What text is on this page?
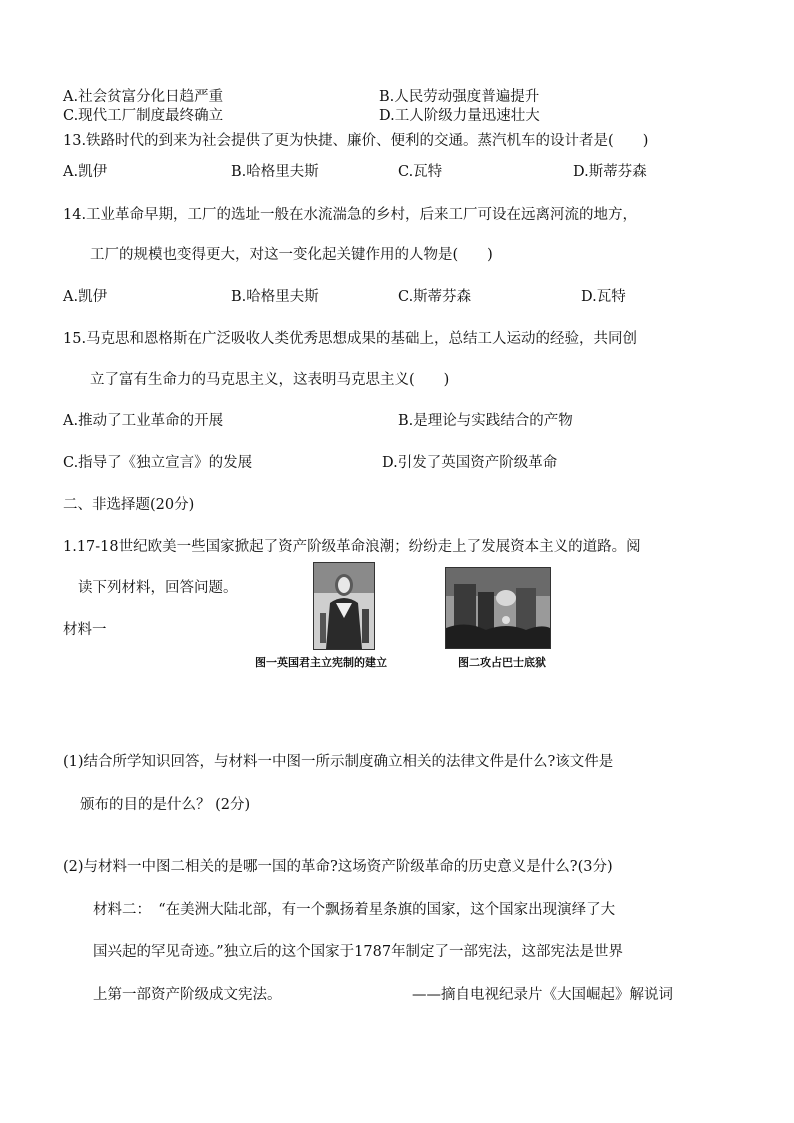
A.社会贫富分化日趋严重	B.人民劳动强度普遍提升
C.现代工厂制度最终确立	D.工人阶级力量迅速壮大
13.铁路时代的到来为社会提供了更为快捷、廉价、便利的交通。蒸汽机车的设计者是(　　)
A.凯伊	B.哈格里夫斯	C.瓦特	D.斯蒂芬森
14.工业革命早期，工厂的选址一般在水流湍急的乡村，后来工厂可设在远离河流的地方，
工厂的规模也变得更大，对这一变化起关键作用的人物是(　　)
A.凯伊	B.哈格里夫斯	C.斯蒂芬森	D.瓦特
15.马克思和恩格斯在广泛吸收人类优秀思想成果的基础上，总结工人运动的经验，共同创
立了富有生命力的马克思主义，这表明马克思主义(　　)
A.推动了工业革命的开展	B.是理论与实践结合的产物
C.指导了《独立宣言》的发展	D.引发了英国资产阶级革命
二、非选择题(20分)
1.17-18世纪欧美一些国家掀起了资产阶级革命浪潮；纷纷走上了发展资本主义的道路。阅
读下列材料，回答问题。
材料一
图一英国君主立宪制的建立	图二攻占巴士底狱
(1)结合所学知识回答，与材料一中图一所示制度确立相关的法律文件是什么?该文件是
颁布的目的是什么？ (2分)
(2)与材料一中图二相关的是哪一国的革命?这场资产阶级革命的历史意义是什么?(3分)
材料二：　“在美洲大陆北部，有一个飘扬着星条旗的国家，这个国家出现演绎了大
国兴起的罕见奇迹。”独立后的这个国家于1787年制定了一部宪法，这部宪法是世界
上第一部资产阶级成文宪法。	——摘自电视纪录片《大国崛起》解说词
